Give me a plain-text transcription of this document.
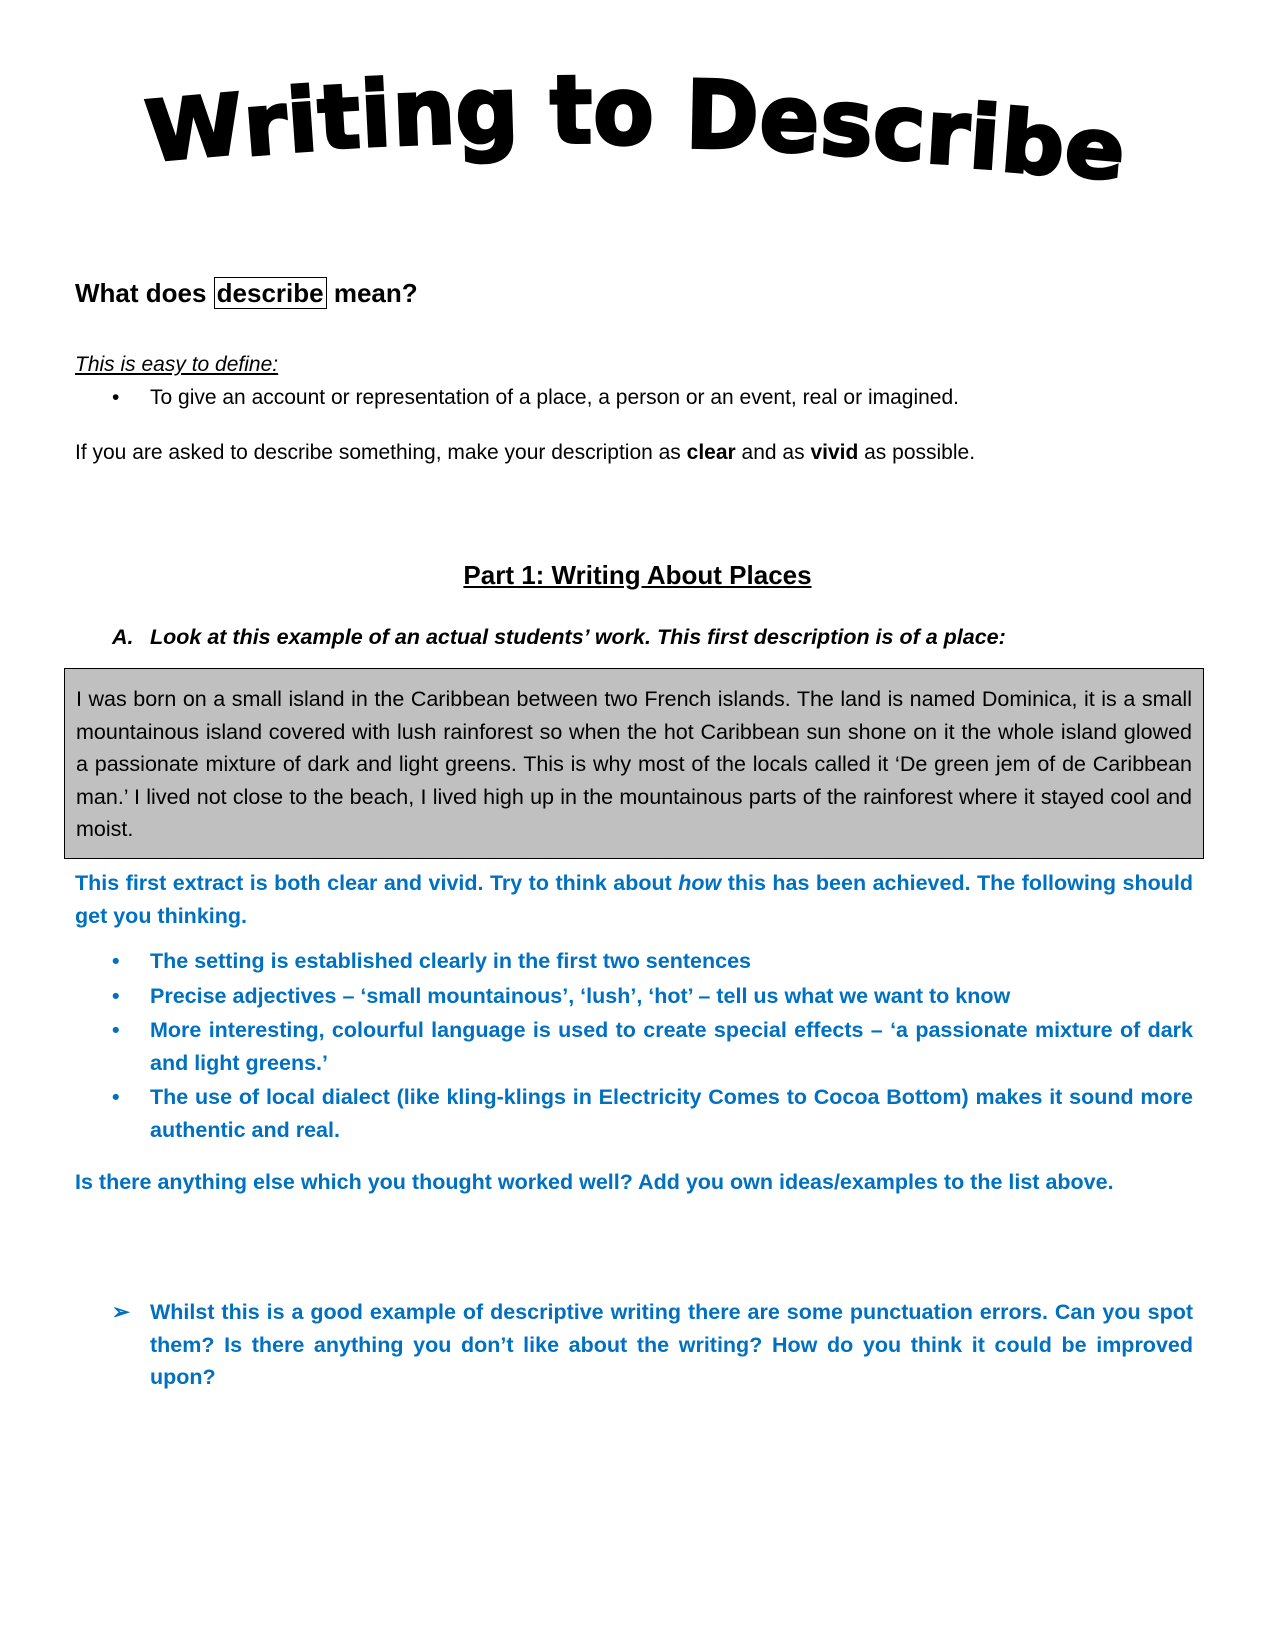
W
r
i
t
i
n
g t o D
e
s
c
r
i
b
e
What does describe mean?
This is easy to define:
•	To give an account or representation of a place, a person or an event, real or imagined.
If you are asked to describe something, make your description as clear and as vivid as possible.
Part 1: Writing About Places
A. Look at this example of an actual students’ work. This first description is of a place:
I was born on a small island in the Caribbean between two French islands. The land is named Dominica, it is a small mountainous island covered with lush rainforest so when the hot Caribbean sun shone on it the whole island glowed a passionate mixture of dark and light greens. This is why most of the locals called it ‘De green jem of de Caribbean man.’ I lived not close to the beach, I lived high up in the mountainous parts of the rainforest where it stayed cool and moist.
This first extract is both clear and vivid. Try to think about how this has been achieved. The following should get you thinking.
•	The setting is established clearly in the first two sentences
•	Precise adjectives – ‘small mountainous’, ‘lush’, ‘hot’ – tell us what we want to know
•	More interesting, colourful language is used to create special effects – ‘a passionate mixture of dark and light greens.’
•	The use of local dialect (like kling-klings in Electricity Comes to Cocoa Bottom) makes it sound more authentic and real.
Is there anything else which you thought worked well? Add you own ideas/examples to the list above.
➢ Whilst this is a good example of descriptive writing there are some punctuation errors. Can you spot them? Is there anything you don’t like about the writing? How do you think it could be improved upon?
